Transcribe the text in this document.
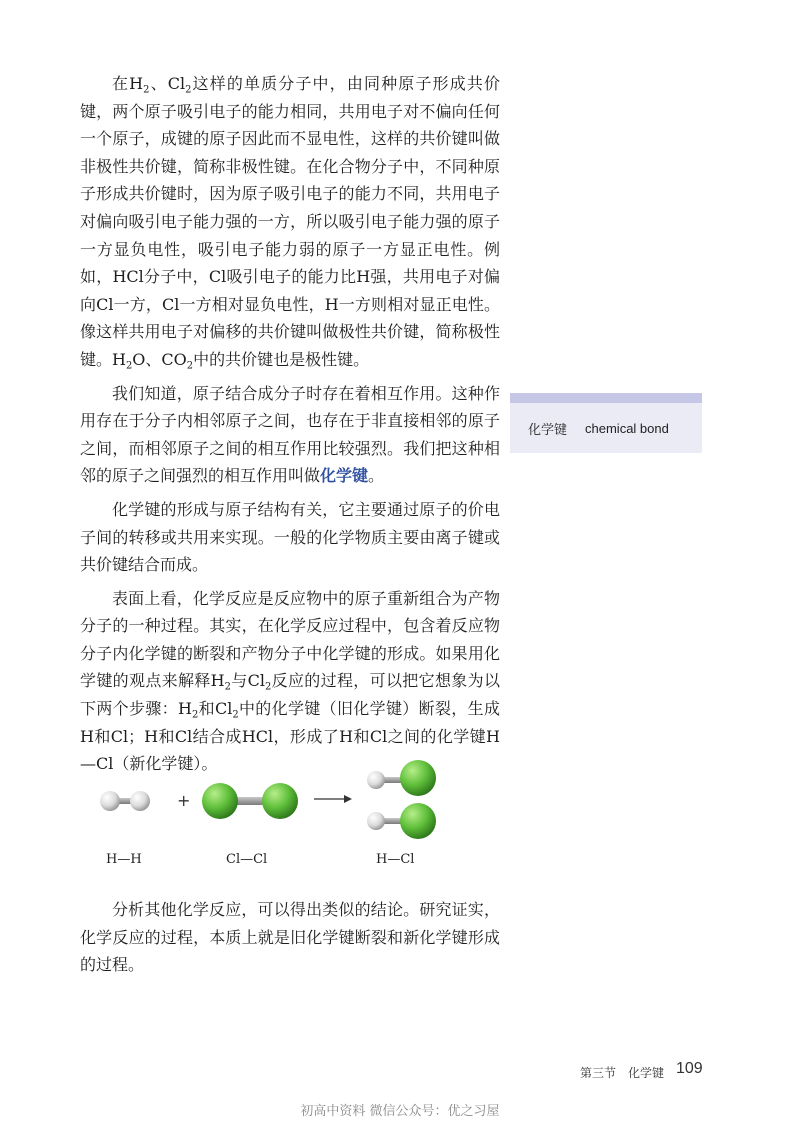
在$H_2$、$Cl_2$这样的单质分子中，由同种原子形成共价键，两个原子吸引电子的能力相同，共用电子对不偏向任何一个原子，成键的原子因此而不显电性，这样的共价键叫做非极性共价键，简称非极性键。在化合物分子中，不同种原子形成共价键时，因为原子吸引电子的能力不同，共用电子对偏向吸引电子能力强的一方，所以吸引电子能力强的原子一方显负电性，吸引电子能力弱的原子一方显正电性。例如，HCl分子中，Cl吸引电子的能力比H强，共用电子对偏向Cl一方，Cl一方相对显负电性，H一方则相对显正电性。像这样共用电子对偏移的共价键叫做极性共价键，简称极性键。$H_2O$、$CO_2$中的共价键也是极性键。

我们知道，原子结合成分子时存在着相互作用。这种作用存在于分子内相邻原子之间，也存在于非直接相邻的原子之间，而相邻原子之间的相互作用比较强烈。我们把这种相邻的原子之间强烈的相互作用叫做化学键。

化学键的形成与原子结构有关，它主要通过原子的价电子间的转移或共用来实现。一般的化学物质主要由离子键或共价键结合而成。

表面上看，化学反应是反应物中的原子重新组合为产物分子的一种过程。其实，在化学反应过程中，包含着反应物分子内化学键的断裂和产物分子中化学键的形成。如果用化学键的观点来解释$H_2$与$Cl_2$反应的过程，可以把它想象为以下两个步骤：$H_2$和$Cl_2$中的化学键（旧化学键）断裂，生成H和Cl；H和Cl结合成HCl，形成了H和Cl之间的化学键H—Cl（新化学键）。

化学键 chemical bond
+
H—H	Cl—Cl	H—Cl

分析其他化学反应，可以得出类似的结论。研究证实，化学反应的过程，本质上就是旧化学键断裂和新化学键形成的过程。

第三节　化学键 109
初高中资料 微信公众号：优之习屋
